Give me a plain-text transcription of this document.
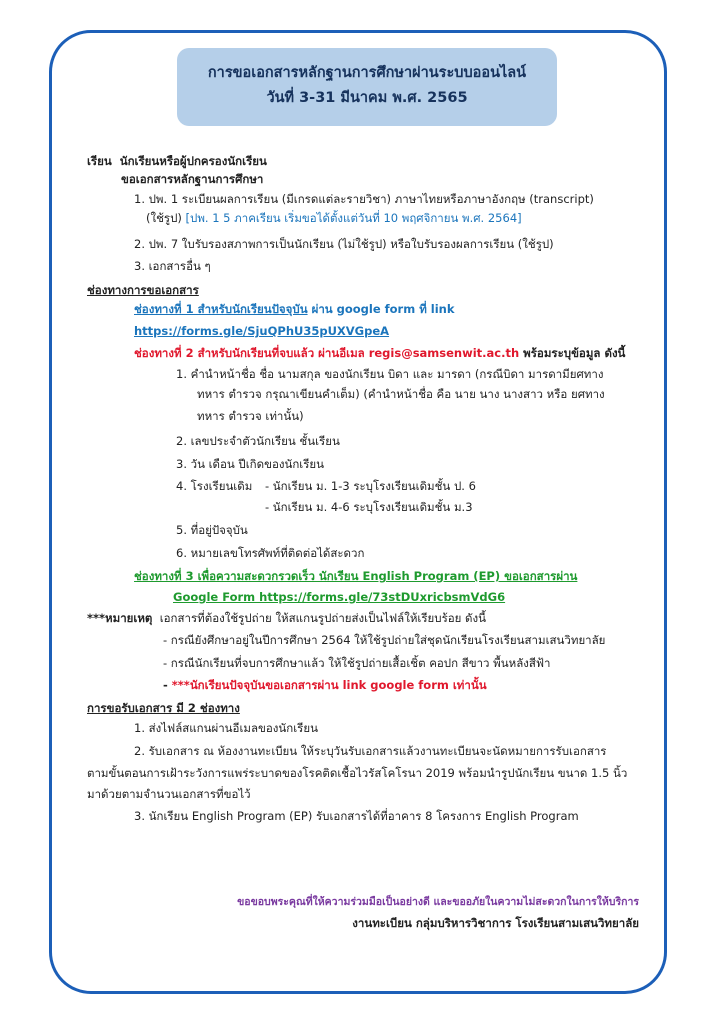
การขอเอกสารหลักฐานการศึกษาผ่านระบบออนไลน์
วันที่ 3-31 มีนาคม พ.ศ. 2565
เรียน นักเรียนหรือผู้ปกครองนักเรียน
ขอเอกสารหลักฐานการศึกษา
1. ปพ. 1 ระเบียนผลการเรียน (มีเกรดแต่ละรายวิชา) ภาษาไทยหรือภาษาอังกฤษ (transcript)
(ใช้รูป) [ปพ. 1 5 ภาคเรียน เริ่มขอได้ตั้งแต่วันที่ 10 พฤศจิกายน พ.ศ. 2564]
2. ปพ. 7 ใบรับรองสภาพการเป็นนักเรียน (ไม่ใช้รูป) หรือใบรับรองผลการเรียน (ใช้รูป)
3. เอกสารอื่น ๆ
ช่องทางการขอเอกสาร
ช่องทางที่ 1 สำหรับนักเรียนปัจจุบัน ผ่าน google form ที่ link
https://forms.gle/SjuQPhU35pUXVGpeA
ช่องทางที่ 2 สำหรับนักเรียนที่จบแล้ว ผ่านอีเมล regis@samsenwit.ac.th พร้อมระบุข้อมูล ดังนี้
1. คำนำหน้าชื่อ ชื่อ นามสกุล ของนักเรียน บิดา และ มารดา (กรณีบิดา มารดามียศทาง
ทหาร ตำรวจ กรุณาเขียนคำเต็ม) (คำนำหน้าชื่อ คือ นาย นาง นางสาว หรือ ยศทาง
ทหาร ตำรวจ เท่านั้น)
2. เลขประจำตัวนักเรียน ชั้นเรียน
3. วัน เดือน ปีเกิดของนักเรียน
4. โรงเรียนเดิม - นักเรียน ม. 1-3 ระบุโรงเรียนเดิมชั้น ป. 6
- นักเรียน ม. 4-6 ระบุโรงเรียนเดิมชั้น ม.3
5. ที่อยู่ปัจจุบัน
6. หมายเลขโทรศัพท์ที่ติดต่อได้สะดวก
ช่องทางที่ 3 เพื่อความสะดวกรวดเร็ว นักเรียน English Program (EP) ขอเอกสารผ่าน
Google Form https://forms.gle/73stDUxricbsmVdG6
***หมายเหตุ เอกสารที่ต้องใช้รูปถ่าย ให้สแกนรูปถ่ายส่งเป็นไฟล์ให้เรียบร้อย ดังนี้
- กรณียังศึกษาอยู่ในปีการศึกษา 2564 ให้ใช้รูปถ่ายใส่ชุดนักเรียนโรงเรียนสามเสนวิทยาลัย
- กรณีนักเรียนที่จบการศึกษาแล้ว ให้ใช้รูปถ่ายเสื้อเชิ้ต คอปก สีขาว พื้นหลังสีฟ้า
- ***นักเรียนปัจจุบันขอเอกสารผ่าน link google form เท่านั้น
การขอรับเอกสาร มี 2 ช่องทาง
1. ส่งไฟล์สแกนผ่านอีเมลของนักเรียน
2. รับเอกสาร ณ ห้องงานทะเบียน ให้ระบุวันรับเอกสารแล้วงานทะเบียนจะนัดหมายการรับเอกสาร
ตามขั้นตอนการเฝ้าระวังการแพร่ระบาดของโรคติดเชื้อไวรัสโคโรนา 2019 พร้อมนำรูปนักเรียน ขนาด 1.5 นิ้ว
มาด้วยตามจำนวนเอกสารที่ขอไว้
3. นักเรียน English Program (EP) รับเอกสารได้ที่อาคาร 8 โครงการ English Program
ขอขอบพระคุณที่ให้ความร่วมมือเป็นอย่างดี และขออภัยในความไม่สะดวกในการให้บริการ
งานทะเบียน กลุ่มบริหารวิชาการ โรงเรียนสามเสนวิทยาลัย
